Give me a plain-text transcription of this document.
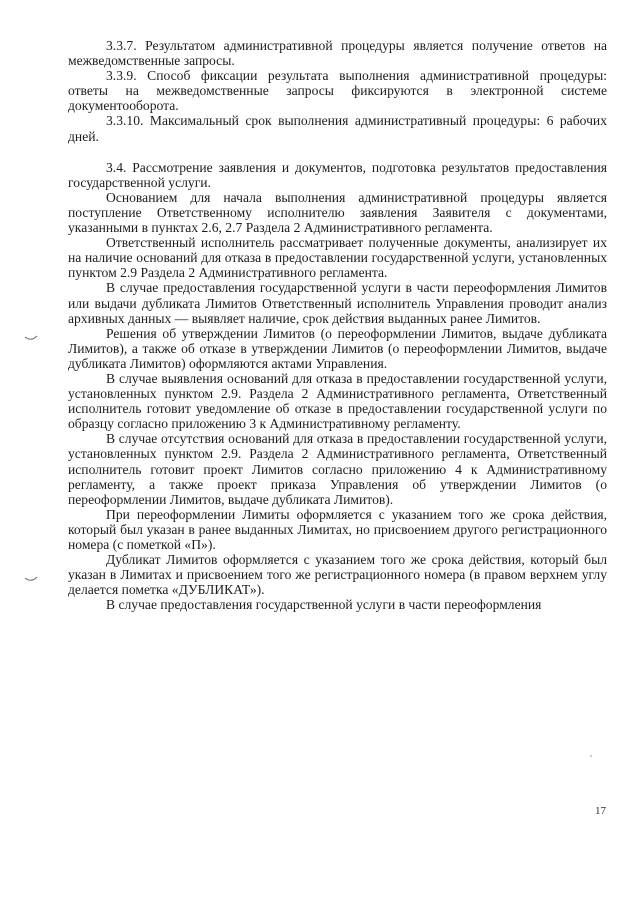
3.3.7. Результатом административной процедуры является получение ответов на межведомственные запросы.

3.3.9. Способ фиксации результата выполнения административной процедуры: ответы на межведомственные запросы фиксируются в электронной системе документооборота.

3.3.10. Максимальный срок выполнения административный процедуры: 6 рабочих дней.

3.4. Рассмотрение заявления и документов, подготовка результатов предоставления государственной услуги.

Основанием для начала выполнения административной процедуры является поступление Ответственному исполнителю заявления Заявителя с документами, указанными в пунктах 2.6, 2.7 Раздела 2 Административного регламента.

Ответственный исполнитель рассматривает полученные документы, анализирует их на наличие оснований для отказа в предоставлении государственной услуги, установленных пунктом 2.9 Раздела 2 Административного регламента.

В случае предоставления государственной услуги в части переоформления Лимитов или выдачи дубликата Лимитов Ответственный исполнитель Управления проводит анализ архивных данных — выявляет наличие, срок действия выданных ранее Лимитов.

Решения об утверждении Лимитов (о переоформлении Лимитов, выдаче дубликата Лимитов), а также об отказе в утверждении Лимитов (о переоформлении Лимитов, выдаче дубликата Лимитов) оформляются актами Управления.

В случае выявления оснований для отказа в предоставлении государственной услуги, установленных пунктом 2.9. Раздела 2 Административного регламента, Ответственный исполнитель готовит уведомление об отказе в предоставлении государственной услуги по образцу согласно приложению 3 к Административному регламенту.

В случае отсутствия оснований для отказа в предоставлении государственной услуги, установленных пунктом 2.9. Раздела 2 Административного регламента, Ответственный исполнитель готовит проект Лимитов согласно приложению 4 к Административному регламенту, а также проект приказа Управления об утверждении Лимитов (о переоформлении Лимитов, выдаче дубликата Лимитов).

При переоформлении Лимиты оформляется с указанием того же срока действия, который был указан в ранее выданных Лимитах, но присвоением другого регистрационного номера (с пометкой «П»).

Дубликат Лимитов оформляется с указанием того же срока действия, который был указан в Лимитах и присвоением того же регистрационного номера (в правом верхнем углу делается пометка «ДУБЛИКАТ»).

В случае предоставления государственной услуги в части переоформления

17
